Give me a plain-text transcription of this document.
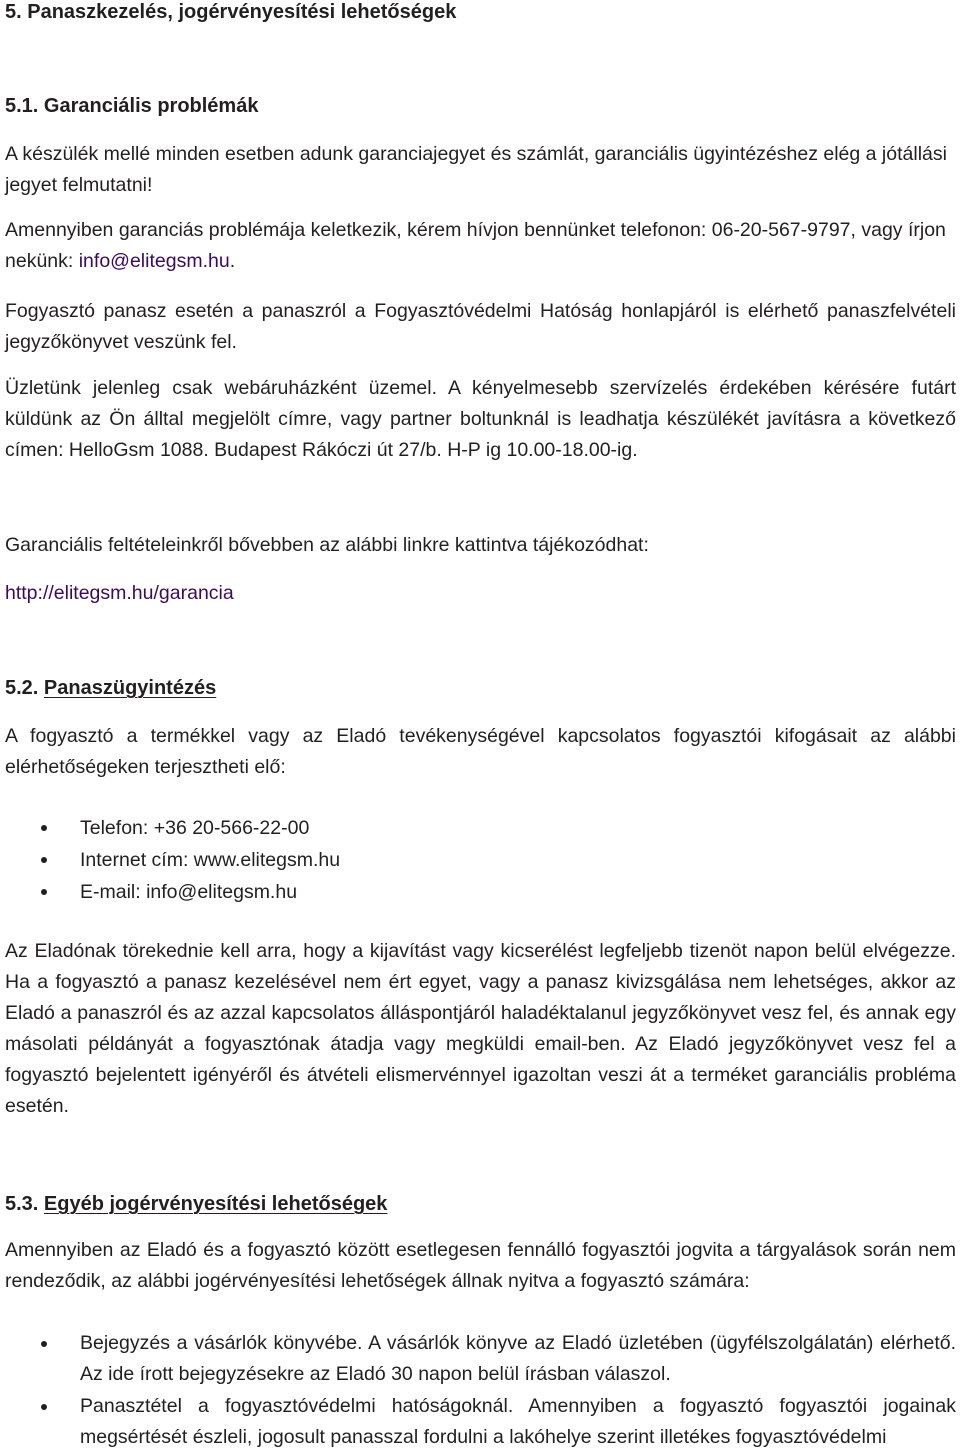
5. Panaszkezelés, jogérvényesítési lehetőségek
5.1. Garanciális problémák
A készülék mellé minden esetben adunk garanciajegyet és számlát, garanciális ügyintézéshez elég a jótállási jegyet felmutatni!
Amennyiben garanciás problémája keletkezik, kérem hívjon bennünket telefonon: 06-20-567-9797, vagy írjon nekünk: info@elitegsm.hu.
Fogyasztó panasz esetén a panaszról a Fogyasztóvédelmi Hatóság honlapjáról is elérhető panaszfelvételi jegyzőkönyvet veszünk fel.
Üzletünk jelenleg csak webáruházként üzemel. A kényelmesebb szervízelés érdekében kérésére futárt küldünk az Ön álltal megjelölt címre, vagy partner boltunknál is leadhatja készülékét javításra a következő címen: HelloGsm 1088. Budapest Rákóczi út 27/b. H-P ig 10.00-18.00-ig.
Garanciális feltételeinkről bővebben az alábbi linkre kattintva tájékozódhat:
http://elitegsm.hu/garancia
5.2. Panaszügyintézés
A fogyasztó a termékkel vagy az Eladó tevékenységével kapcsolatos fogyasztói kifogásait az alábbi elérhetőségeken terjesztheti elő:
Telefon: +36 20-566-22-00
Internet cím: www.elitegsm.hu
E-mail: info@elitegsm.hu
Az Eladónak törekednie kell arra, hogy a kijavítást vagy kicserélést legfeljebb tizenöt napon belül elvégezze. Ha a fogyasztó a panasz kezelésével nem ért egyet, vagy a panasz kivizsgálása nem lehetséges, akkor az Eladó a panaszról és az azzal kapcsolatos álláspontjáról haladéktalanul jegyzőkönyvet vesz fel, és annak egy másolati példányát a fogyasztónak átadja vagy megküldi email-ben. Az Eladó jegyzőkönyvet vesz fel a fogyasztó bejelentett igényéről és átvételi elismervénnyel igazoltan veszi át a terméket garanciális probléma esetén.
5.3. Egyéb jogérvényesítési lehetőségek
Amennyiben az Eladó és a fogyasztó között esetlegesen fennálló fogyasztói jogvita a tárgyalások során nem rendeződik, az alábbi jogérvényesítési lehetőségek állnak nyitva a fogyasztó számára:
Bejegyzés a vásárlók könyvébe. A vásárlók könyve az Eladó üzletében (ügyfélszolgálatán) elérhető. Az ide írott bejegyzésekre az Eladó 30 napon belül írásban válaszol.
Panasztétel a fogyasztóvédelmi hatóságoknál. Amennyiben a fogyasztó fogyasztói jogainak megsértését észleli, jogosult panasszal fordulni a lakóhelye szerint illetékes fogyasztóvédelmi
